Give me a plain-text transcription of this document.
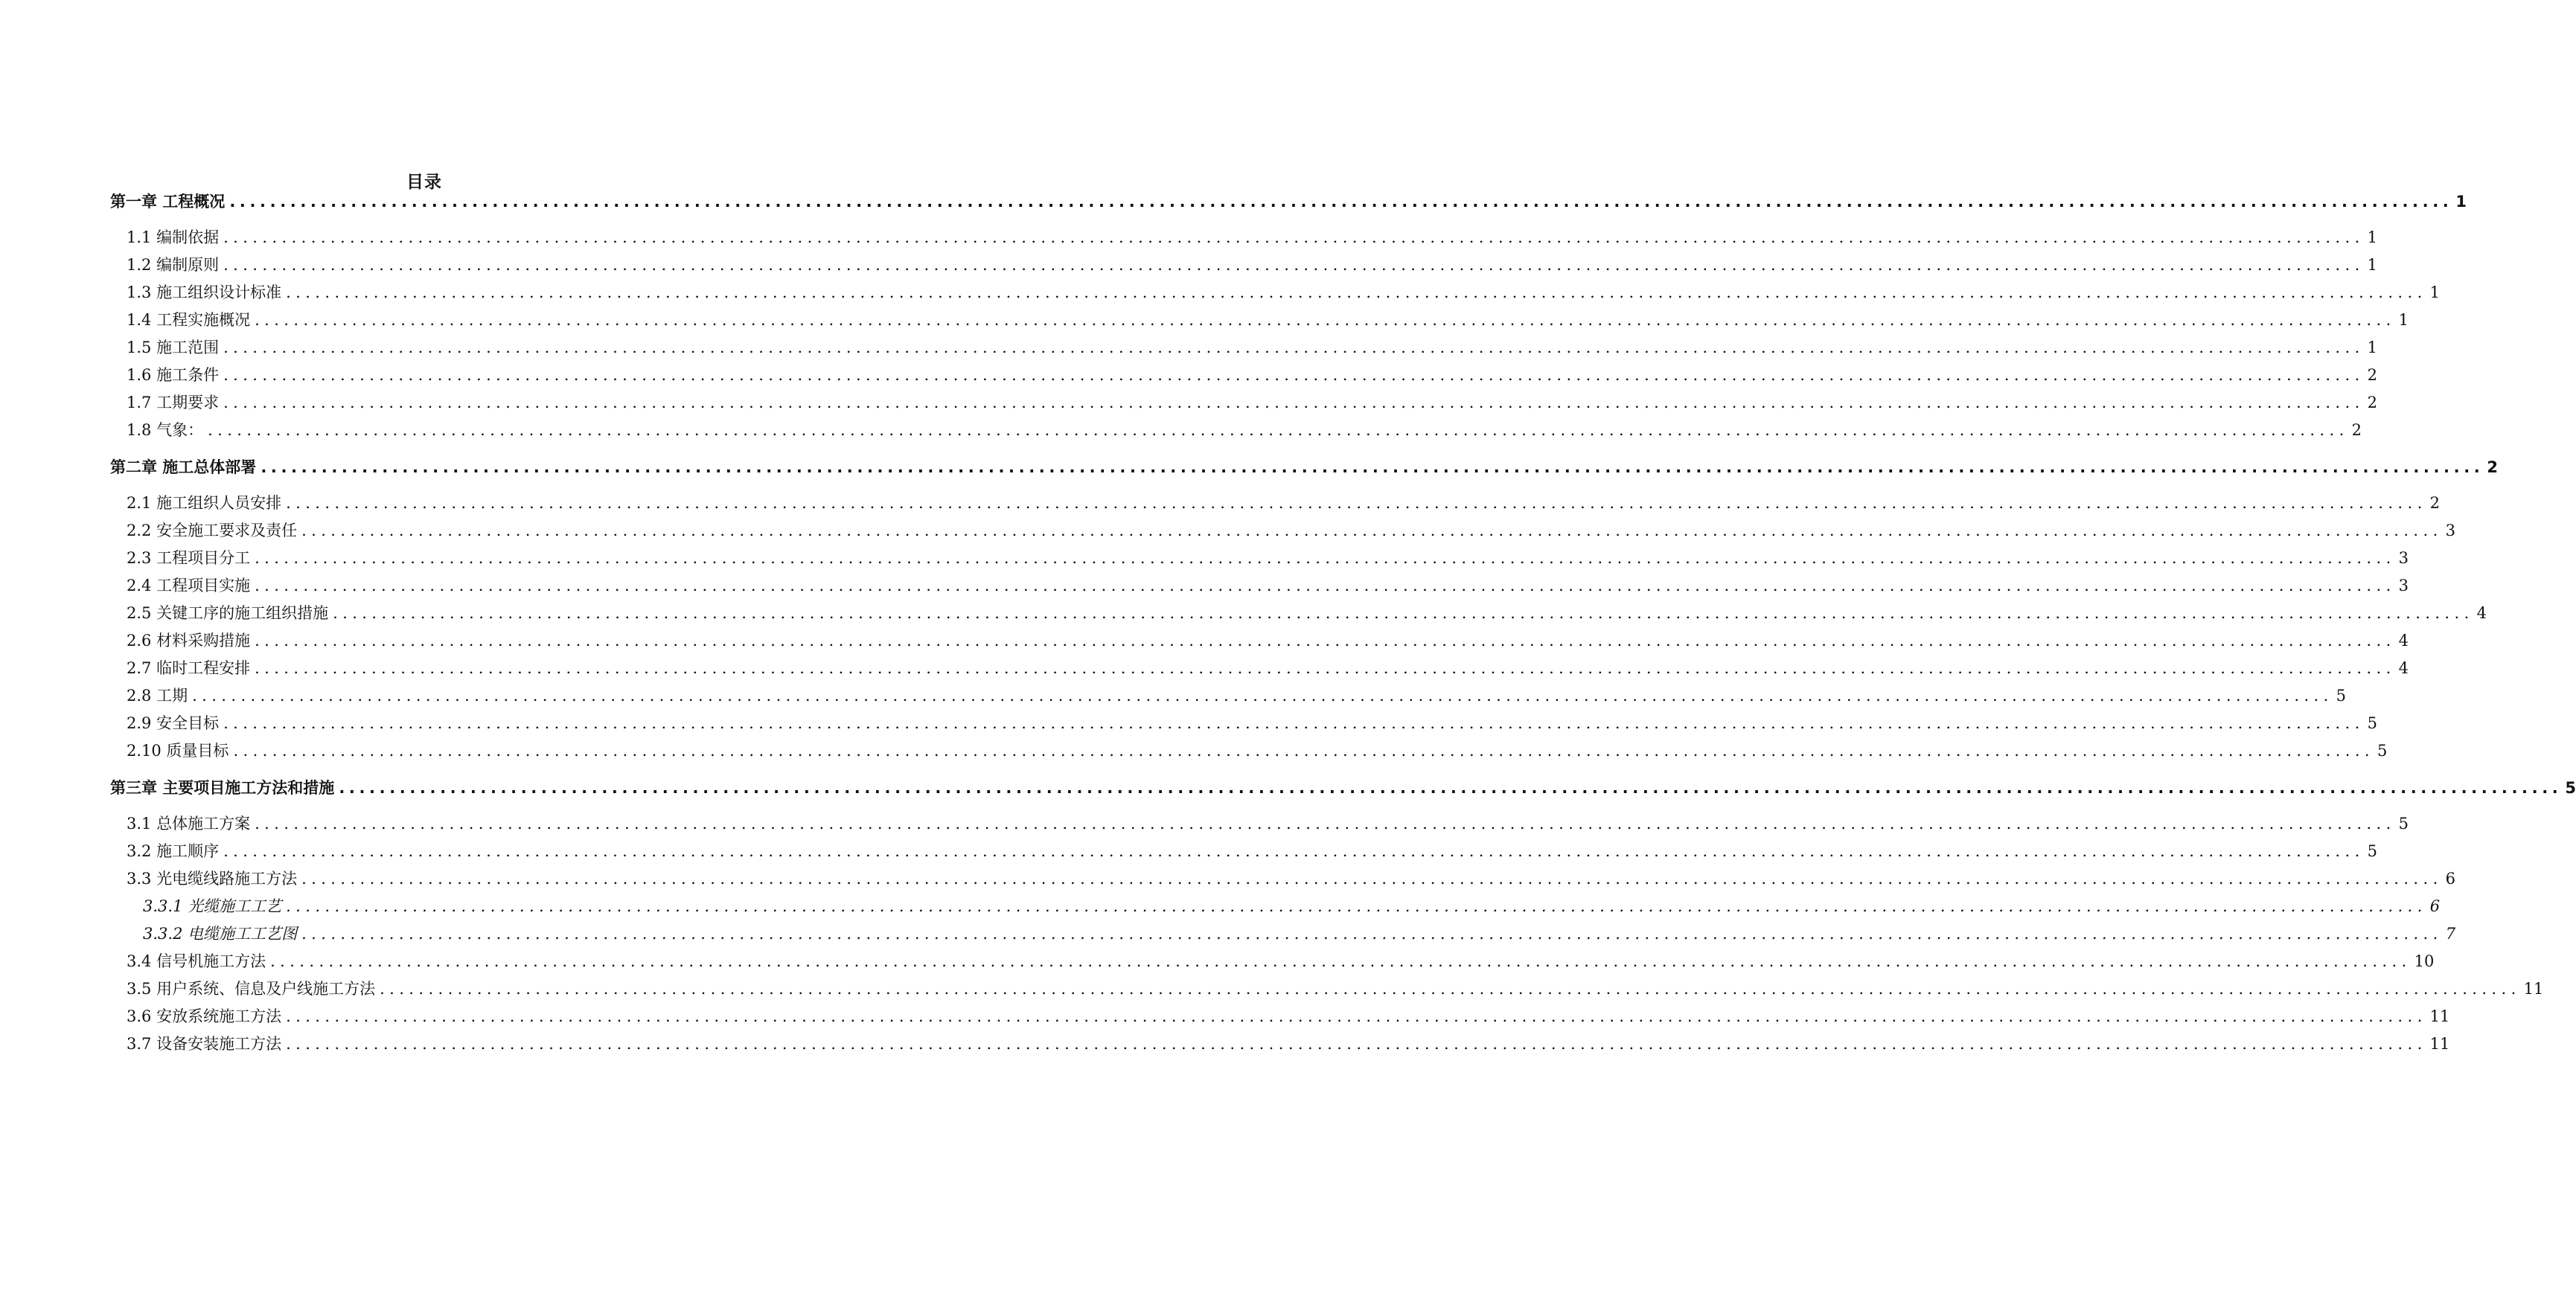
目录
第一章 工程概况 ............................................................................................................................................................................................................................ 1
1.1 编制依据 ............................................................................................................................................................................................................................ 1
1.2 编制原则 ............................................................................................................................................................................................................................ 1
1.3 施工组织设计标准 ............................................................................................................................................................................................................................ 1
1.4 工程实施概况 ............................................................................................................................................................................................................................ 1
1.5 施工范围 ............................................................................................................................................................................................................................ 1
1.6 施工条件 ............................................................................................................................................................................................................................ 2
1.7 工期要求 ............................................................................................................................................................................................................................ 2
1.8 气象： ............................................................................................................................................................................................................................ 2
第二章 施工总体部署 ............................................................................................................................................................................................................................ 2
2.1 施工组织人员安排 ............................................................................................................................................................................................................................ 2
2.2 安全施工要求及责任 ............................................................................................................................................................................................................................ 3
2.3 工程项目分工 ............................................................................................................................................................................................................................ 3
2.4 工程项目实施 ............................................................................................................................................................................................................................ 3
2.5 关键工序的施工组织措施 ............................................................................................................................................................................................................................ 4
2.6 材料采购措施 ............................................................................................................................................................................................................................ 4
2.7 临时工程安排 ............................................................................................................................................................................................................................ 4
2.8 工期 ............................................................................................................................................................................................................................ 5
2.9 安全目标 ............................................................................................................................................................................................................................ 5
2.10 质量目标 ............................................................................................................................................................................................................................ 5
第三章 主要项目施工方法和措施 ............................................................................................................................................................................................................................ 5
3.1 总体施工方案 ............................................................................................................................................................................................................................ 5
3.2 施工顺序 ............................................................................................................................................................................................................................ 5
3.3 光电缆线路施工方法 ............................................................................................................................................................................................................................ 6
3.3.1 光缆施工工艺 ............................................................................................................................................................................................................................ 6
3.3.2 电缆施工工艺图 ............................................................................................................................................................................................................................ 7
3.4 信号机施工方法 ............................................................................................................................................................................................................................ 10
3.5 用户系统、信息及户线施工方法 ............................................................................................................................................................................................................................ 11
3.6 安放系统施工方法 ............................................................................................................................................................................................................................ 11
3.7 设备安装施工方法 ............................................................................................................................................................................................................................ 11
